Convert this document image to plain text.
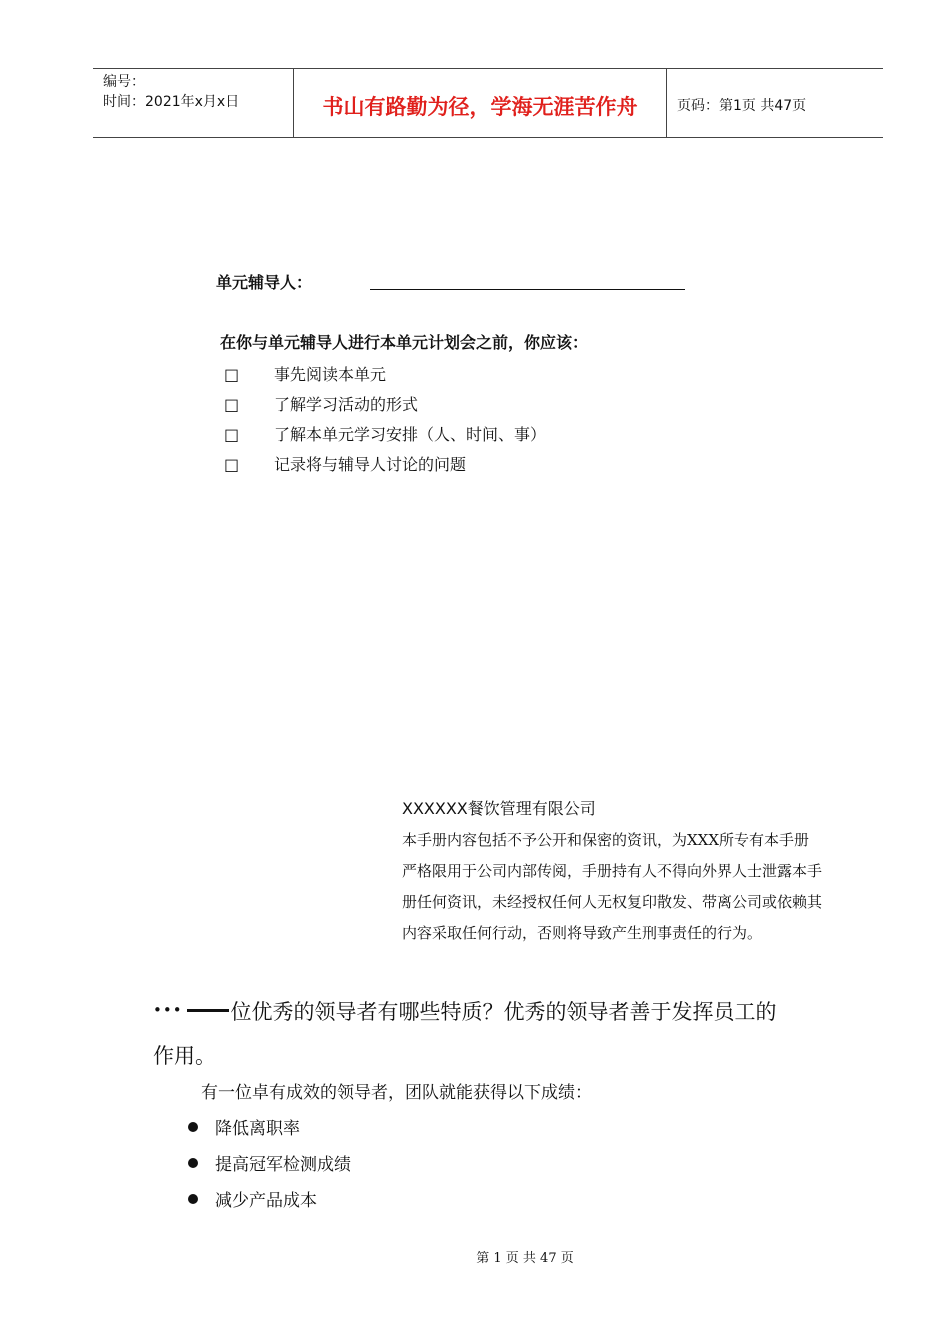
编号：
时间：2021年x月x日	书山有路勤为径，学海无涯苦作舟	页码：第1页 共47页
单元辅导人：
在你与单元辅导人进行本单元计划会之前，你应该：
□ 事先阅读本单元
□ 了解学习活动的形式
□ 了解本单元学习安排（人、时间、事）
□ 记录将与辅导人讨论的问题
XXXXXX餐饮管理有限公司
本手册内容包括不予公开和保密的资讯，为XXX所专有本手册严格限用于公司内部传阅，手册持有人不得向外界人士泄露本手册任何资讯，未经授权任何人无权复印散发、带离公司或依赖其内容采取任何行动，否则将导致产生刑事责任的行为。
••• 位优秀的领导者有哪些特质？优秀的领导者善于发挥员工的
作用。
有一位卓有成效的领导者，团队就能获得以下成绩：
降低离职率
提高冠军检测成绩
减少产品成本
第 1 页 共 47 页
